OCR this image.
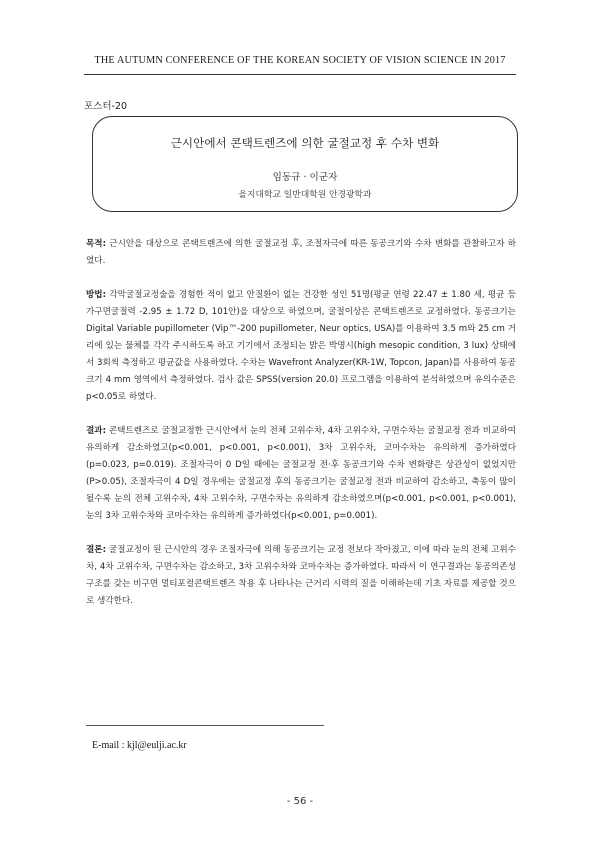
THE AUTUMN CONFERENCE OF THE KOREAN SOCIETY OF VISION SCIENCE IN 2017
포스터-20
근시안에서 콘택트렌즈에 의한 굴절교정 후 수차 변화
임동규 · 이군자
을지대학교 일반대학원 안경광학과

목적: 근시안을 대상으로 콘택트렌즈에 의한 굴절교정 후, 조절자극에 따른 동공크기와 수차 변화를 관찰하고자 하였다.

방법: 각막굴절교정술을 경험한 적이 없고 안질환이 없는 건강한 성인 51명(평균 연령 22.47 ± 1.80 세, 평균 등가구면굴절력 -2.95 ± 1.72 D, 101안)을 대상으로 하였으며, 굴절이상은 콘택트렌즈로 교정하였다. 동공크기는 Digital Variable pupillometer (Vip™-200 pupillometer, Neur optics, USA)를 이용하여 3.5 m와 25 cm 거리에 있는 물체를 각각 주시하도록 하고 기기에서 조정되는 밝은 박명시(high mesopic condition, 3 lux) 상태에서 3회씩 측정하고 평균값을 사용하였다. 수차는 Wavefront Analyzer(KR-1W, Topcon, Japan)를 사용하여 동공크기 4 mm 영역에서 측정하였다. 검사 값은 SPSS(version 20.0) 프로그램을 이용하여 분석하였으며 유의수준은 p<0.05로 하였다.

결과: 콘택트렌즈로 굴절교정한 근시안에서 눈의 전체 고위수차, 4차 고위수차, 구면수차는 굴절교정 전과 비교하여 유의하게 감소하였고(p<0.001, p<0.001, p<0.001), 3차 고위수차, 코마수차는 유의하게 증가하였다(p=0.023, p=0.019). 조절자극이 0 D일 때에는 굴절교정 전·후 동공크기와 수차 변화량은 상관성이 없었지만(P>0.05), 조절자극이 4 D일 경우에는 굴절교정 후의 동공크기는 굴절교정 전과 비교하여 감소하고, 축동이 많이 될수록 눈의 전체 고위수차, 4차 고위수차, 구면수차는 유의하게 감소하였으며(p<0.001, p<0.001, p<0.001), 눈의 3차 고위수차와 코마수차는 유의하게 증가하였다(p<0.001, p=0.001).

결론: 굴절교정이 된 근시안의 경우 조절자극에 의해 동공크기는 교정 전보다 작아졌고, 이에 따라 눈의 전체 고위수차, 4차 고위수차, 구면수차는 감소하고, 3차 고위수차와 코마수차는 증가하였다. 따라서 이 연구결과는 동공의존성 구조를 갖는 비구면 멀티포컬콘택트렌즈 착용 후 나타나는 근거리 시력의 질을 이해하는데 기초 자료를 제공할 것으로 생각한다.

E-mail : kjl@eulji.ac.kr
- 56 -
